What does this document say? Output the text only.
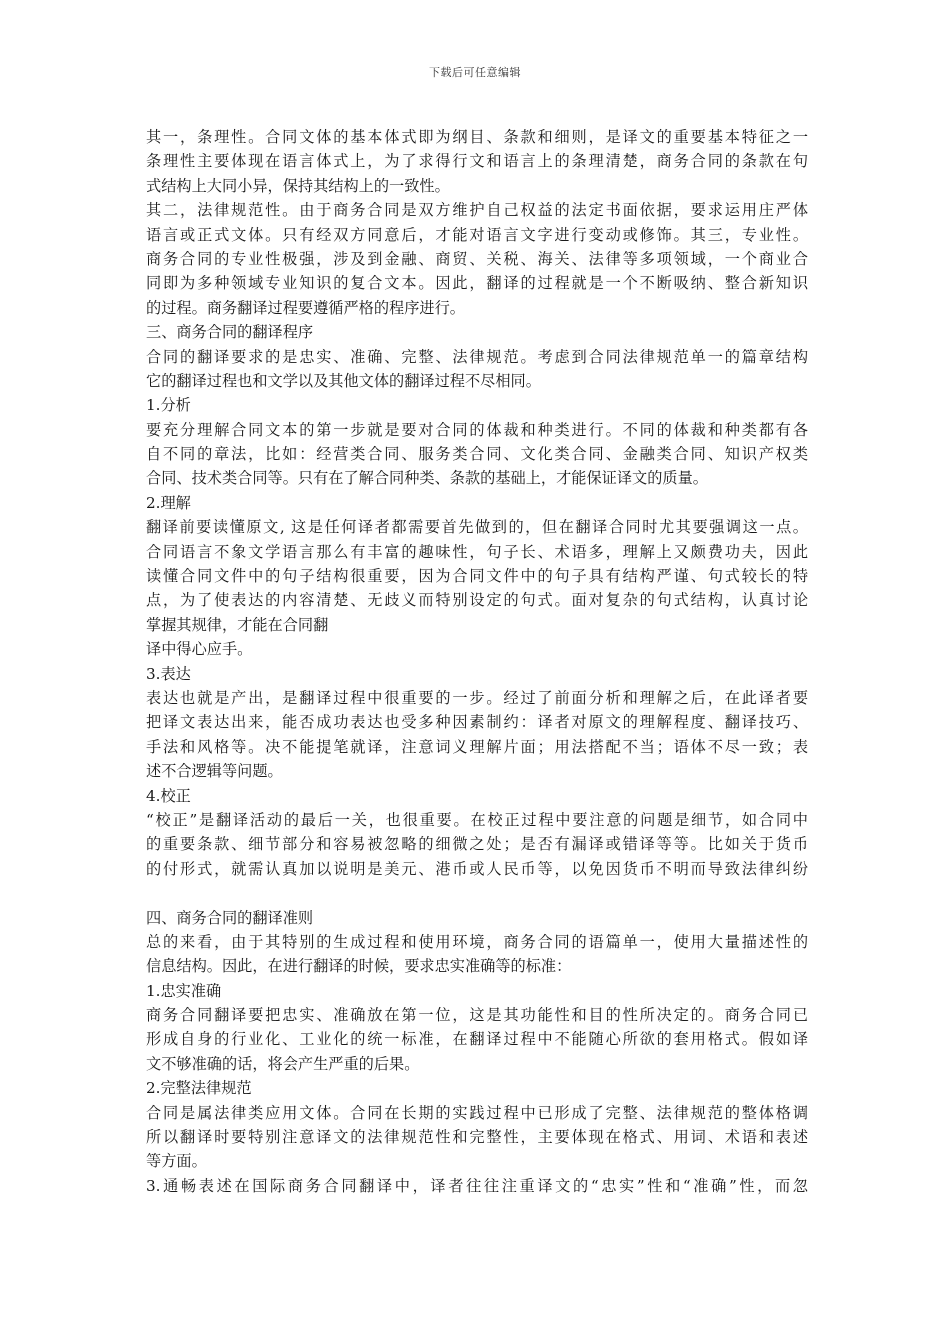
下载后可任意编辑
其一，条理性。合同文体的基本体式即为纲目、条款和细则，是译文的重要基本特征之一
条理性主要体现在语言体式上，为了求得行文和语言上的条理清楚，商务合同的条款在句
式结构上大同小异，保持其结构上的一致性。
其二，法律规范性。由于商务合同是双方维护自己权益的法定书面依据，要求运用庄严体
语言或正式文体。只有经双方同意后，才能对语言文字进行变动或修饰。其三，专业性。
商务合同的专业性极强，涉及到金融、商贸、关税、海关、法律等多项领域，一个商业合
同即为多种领域专业知识的复合文本。因此，翻译的过程就是一个不断吸纳、整合新知识
的过程。商务翻译过程要遵循严格的程序进行。
三、商务合同的翻译程序
合同的翻译要求的是忠实、准确、完整、法律规范。考虑到合同法律规范单一的篇章结构
它的翻译过程也和文学以及其他文体的翻译过程不尽相同。
1.分析
要充分理解合同文本的第一步就是要对合同的体裁和种类进行。不同的体裁和种类都有各
自不同的章法，比如：经营类合同、服务类合同、文化类合同、金融类合同、知识产权类
合同、技术类合同等。只有在了解合同种类、条款的基础上，才能保证译文的质量。
2.理解
翻译前要读懂原文, 这是任何译者都需要首先做到的，但在翻译合同时尤其要强调这一点。
合同语言不象文学语言那么有丰富的趣味性，句子长、术语多，理解上又颇费功夫，因此
读懂合同文件中的句子结构很重要，因为合同文件中的句子具有结构严谨、句式较长的特
点，为了使表达的内容清楚、无歧义而特别设定的句式。面对复杂的句式结构，认真讨论
掌握其规律，才能在合同翻
译中得心应手。
3.表达
表达也就是产出，是翻译过程中很重要的一步。经过了前面分析和理解之后，在此译者要
把译文表达出来，能否成功表达也受多种因素制约：译者对原文的理解程度、翻译技巧、
手法和风格等。决不能提笔就译，注意词义理解片面；用法搭配不当；语体不尽一致；表
述不合逻辑等问题。
4.校正
“校正”是翻译活动的最后一关，也很重要。在校正过程中要注意的问题是细节，如合同中
的重要条款、细节部分和容易被忽略的细微之处；是否有漏译或错译等等。比如关于货币
的付形式，就需认真加以说明是美元、港币或人民币等，以免因货币不明而导致法律纠纷
四、商务合同的翻译准则
总的来看，由于其特别的生成过程和使用环境，商务合同的语篇单一，使用大量描述性的
信息结构。因此，在进行翻译的时候，要求忠实准确等的标准：
1.忠实准确
商务合同翻译要把忠实、准确放在第一位，这是其功能性和目的性所决定的。商务合同已
形成自身的行业化、工业化的统一标准，在翻译过程中不能随心所欲的套用格式。假如译
文不够准确的话，将会产生严重的后果。
2.完整法律规范
合同是属法律类应用文体。合同在长期的实践过程中已形成了完整、法律规范的整体格调
所以翻译时要特别注意译文的法律规范性和完整性，主要体现在格式、用词、术语和表述
等方面。
3.通畅表述在国际商务合同翻译中，译者往往注重译文的“忠实”性和“准确”性，而忽
